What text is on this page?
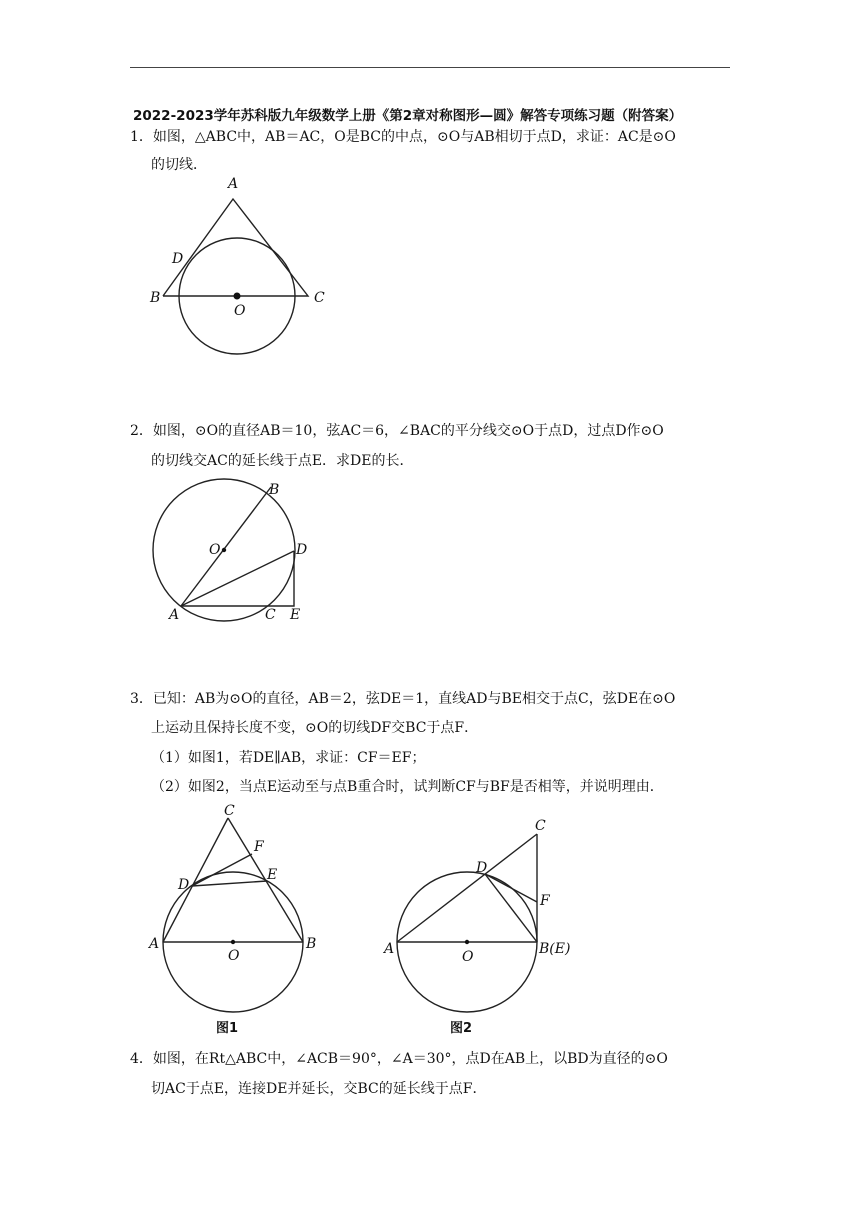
2022-2023学年苏科版九年级数学上册《第2章对称图形—圆》解答专项练习题（附答案）
1．如图，△ABC中，AB＝AC，O是BC的中点，⊙O与AB相切于点D，求证：AC是⊙O
的切线．
A
D
B	C
O
2．如图，⊙O的直径AB＝10，弦AC＝6，∠BAC的平分线交⊙O于点D，过点D作⊙O
的切线交AC的延长线于点E．求DE的长．
B
O	D
A	C E
3．已知：AB为⊙O的直径，AB＝2，弦DE＝1，直线AD与BE相交于点C，弦DE在⊙O
上运动且保持长度不变，⊙O的切线DF交BC于点F．
（1）如图1，若DE∥AB，求证：CF＝EF；
（2）如图2，当点E运动至与点B重合时，试判断CF与BF是否相等，并说明理由．
C
F
D
E
A	B
O
图1
C
D
F
A	B(E)
O
图2
4．如图，在Rt△ABC中，∠ACB＝90°，∠A＝30°，点D在AB上，以BD为直径的⊙O
切AC于点E，连接DE并延长，交BC的延长线于点F．
